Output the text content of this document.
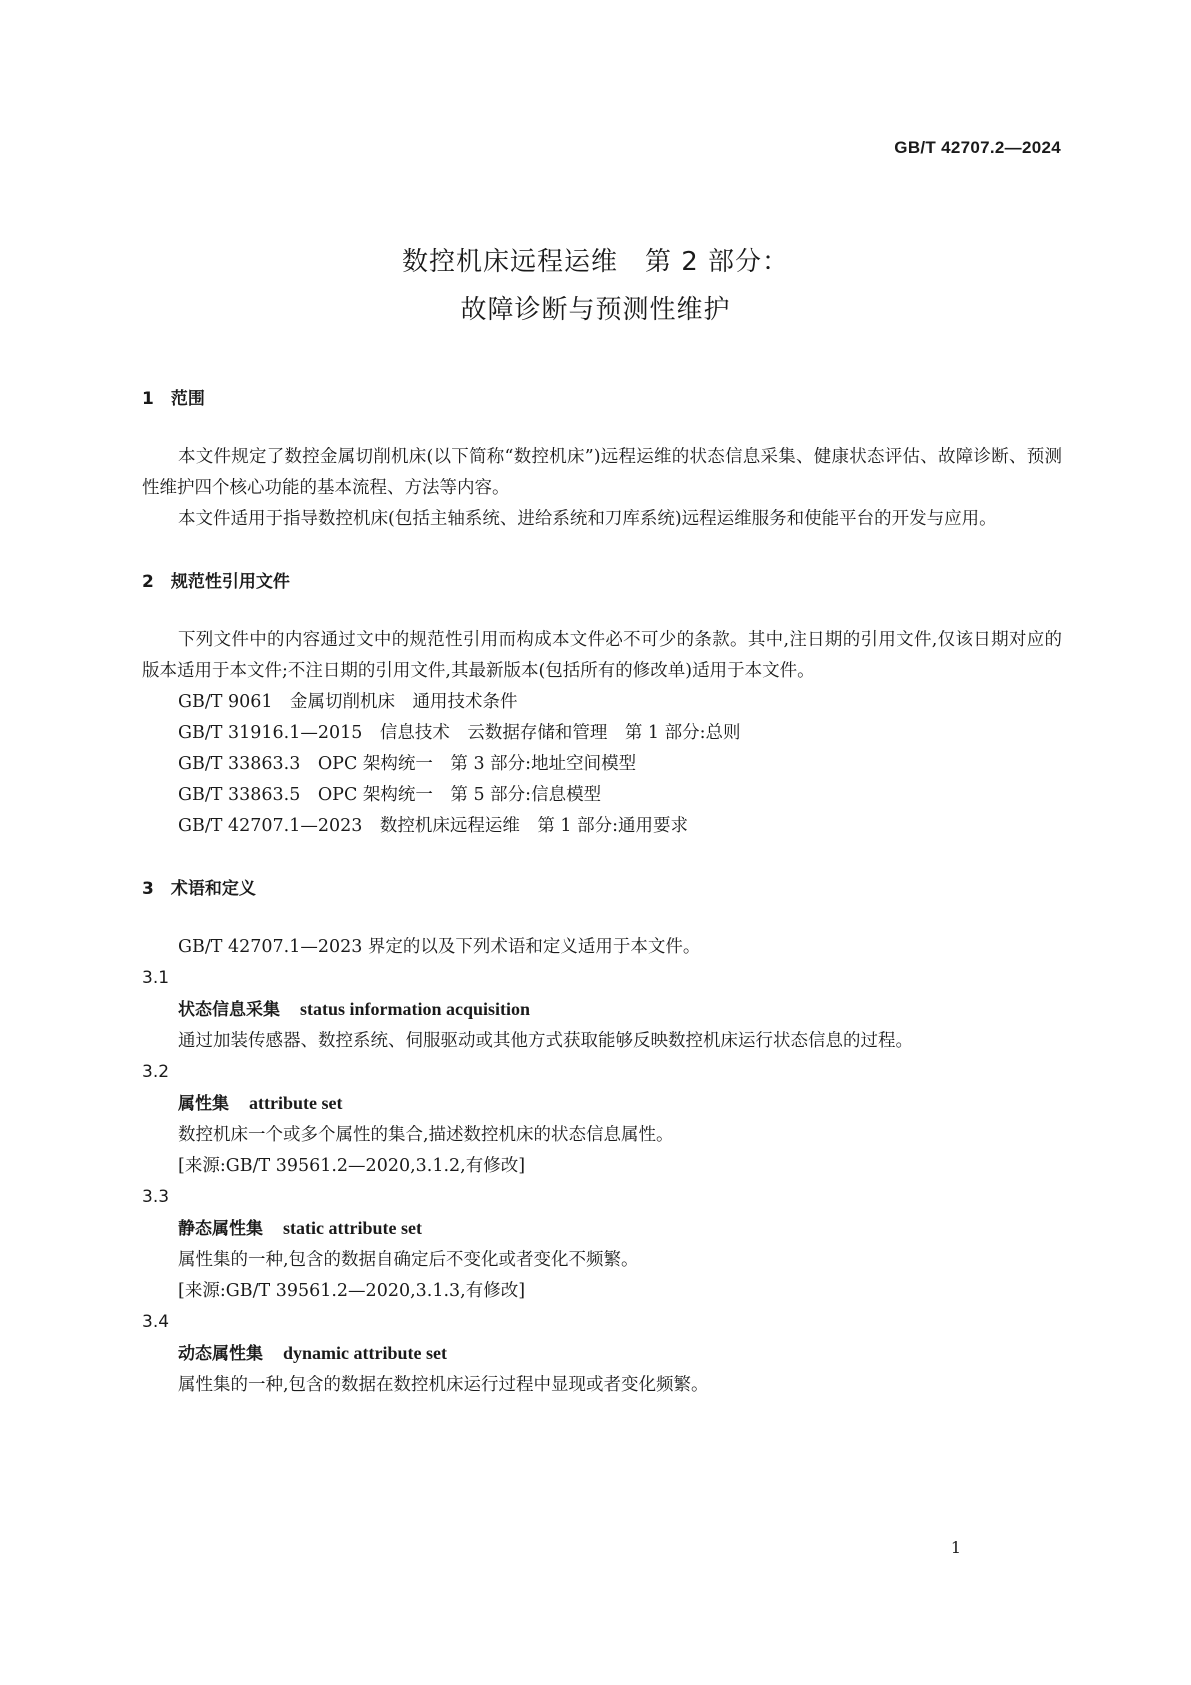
GB/T 42707.2—2024
数控机床远程运维　第 2 部分：
故障诊断与预测性维护

1　范围

本文件规定了数控金属切削机床(以下简称“数控机床”)远程运维的状态信息采集、健康状态评估、故障诊断、预测性维护四个核心功能的基本流程、方法等内容。

本文件适用于指导数控机床(包括主轴系统、进给系统和刀库系统)远程运维服务和使能平台的开发与应用。

2　规范性引用文件

下列文件中的内容通过文中的规范性引用而构成本文件必不可少的条款。其中,注日期的引用文件,仅该日期对应的版本适用于本文件;不注日期的引用文件,其最新版本(包括所有的修改单)适用于本文件。

GB/T 9061　金属切削机床　通用技术条件

GB/T 31916.1—2015　信息技术　云数据存储和管理　第 1 部分:总则

GB/T 33863.3　OPC 架构统一　第 3 部分:地址空间模型

GB/T 33863.5　OPC 架构统一　第 5 部分:信息模型

GB/T 42707.1—2023　数控机床远程运维　第 1 部分:通用要求

3　术语和定义

GB/T 42707.1—2023 界定的以及下列术语和定义适用于本文件。

3.1

状态信息采集 status information acquisition

通过加装传感器、数控系统、伺服驱动或其他方式获取能够反映数控机床运行状态信息的过程。

3.2

属性集 attribute set

数控机床一个或多个属性的集合,描述数控机床的状态信息属性。

[来源:GB/T 39561.2—2020,3.1.2,有修改]

3.3

静态属性集 static attribute set

属性集的一种,包含的数据自确定后不变化或者变化不频繁。

[来源:GB/T 39561.2—2020,3.1.3,有修改]

3.4

动态属性集 dynamic attribute set

属性集的一种,包含的数据在数控机床运行过程中显现或者变化频繁。

1
